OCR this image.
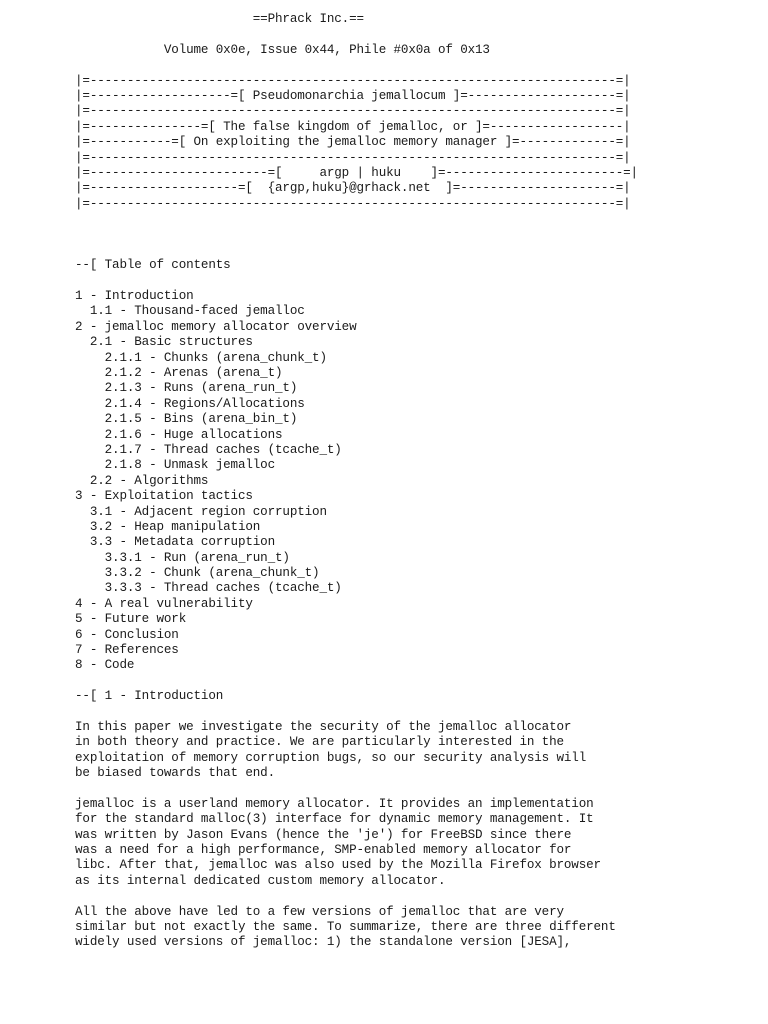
==Phrack Inc.==
Volume 0x0e, Issue 0x44, Phile #0x0a of 0x13
|=-----------------------------------------------------------------------=|
|=-------------------=[ Pseudomonarchia jemallocum ]=--------------------=|
|=-----------------------------------------------------------------------=|
|=---------------=[ The false kingdom of jemalloc, or ]=------------------|
|=-----------=[ On exploiting the jemalloc memory manager ]=-------------=|
|=-----------------------------------------------------------------------=|
|=------------------------=[     argp | huku    ]=------------------------=|
|=--------------------=[  {argp,huku}@grhack.net  ]=---------------------=|
|=-----------------------------------------------------------------------=|
--[ Table of contents
1 - Introduction
1.1 - Thousand-faced jemalloc
2 - jemalloc memory allocator overview
2.1 - Basic structures
2.1.1 - Chunks (arena_chunk_t)
2.1.2 - Arenas (arena_t)
2.1.3 - Runs (arena_run_t)
2.1.4 - Regions/Allocations
2.1.5 - Bins (arena_bin_t)
2.1.6 - Huge allocations
2.1.7 - Thread caches (tcache_t)
2.1.8 - Unmask jemalloc
2.2 - Algorithms
3 - Exploitation tactics
3.1 - Adjacent region corruption
3.2 - Heap manipulation
3.3 - Metadata corruption
3.3.1 - Run (arena_run_t)
3.3.2 - Chunk (arena_chunk_t)
3.3.3 - Thread caches (tcache_t)
4 - A real vulnerability
5 - Future work
6 - Conclusion
7 - References
8 - Code
--[ 1 - Introduction
In this paper we investigate the security of the jemalloc allocator
in both theory and practice. We are particularly interested in the
exploitation of memory corruption bugs, so our security analysis will
be biased towards that end.
jemalloc is a userland memory allocator. It provides an implementation
for the standard malloc(3) interface for dynamic memory management. It
was written by Jason Evans (hence the 'je') for FreeBSD since there
was a need for a high performance, SMP-enabled memory allocator for
libc. After that, jemalloc was also used by the Mozilla Firefox browser
as its internal dedicated custom memory allocator.
All the above have led to a few versions of jemalloc that are very
similar but not exactly the same. To summarize, there are three different
widely used versions of jemalloc: 1) the standalone version [JESA],
